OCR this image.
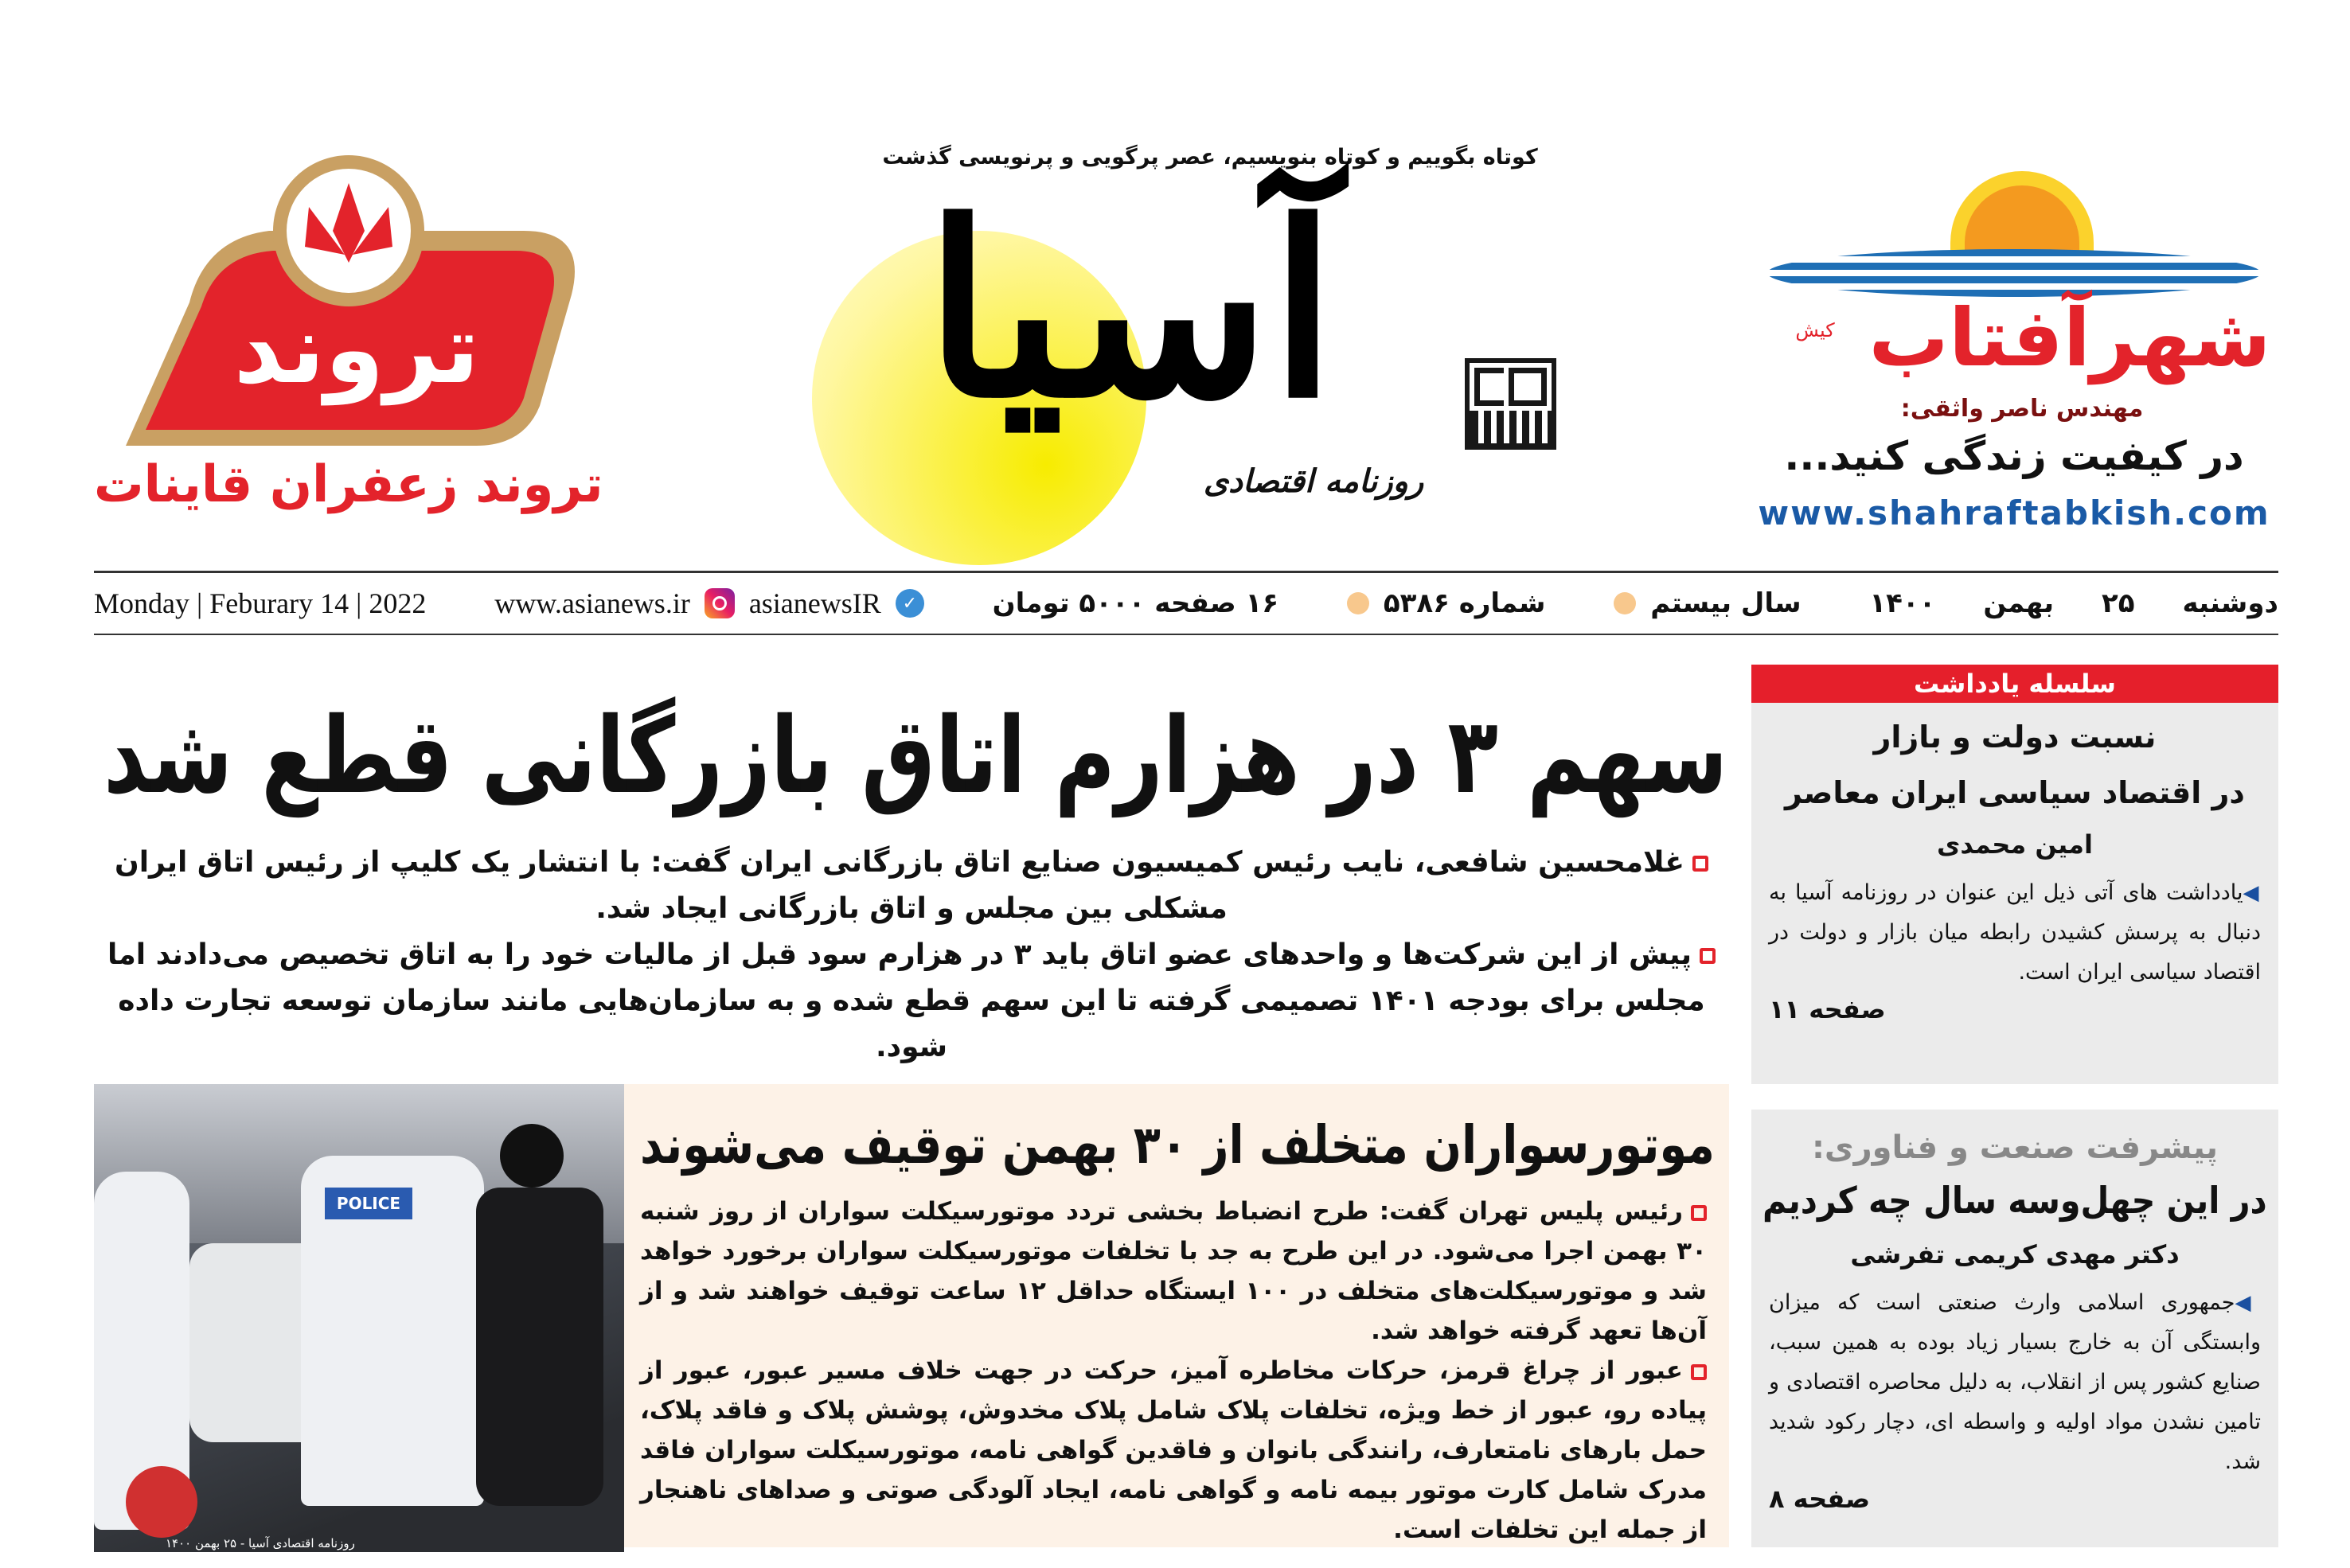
تروند
تروند زعفران قاینات
کوتاه بگوییم و کوتاه بنویسیم، عصر پرگویی و پرنویسی گذشت
آسیا
روزنامه اقتصادی
شهرآفتاب
کیش
مهندس ناصر واثقی:
در کیفیت زندگی کنید...
www.shahraftabkish.com
Monday | Feburary 14 | 2022 www.asianews.ir asianewsIR	✓	۱۶ صفحه ۵۰۰۰ تومان	شماره ۵۳۸۶	سال بیستم	۱۴۰۰ بهمن ۲۵ دوشنبه
سهم ۳ در هزارم اتاق بازرگانی قطع شد

غلامحسین شافعی، نایب رئیس کمیسیون صنایع اتاق بازرگانی ایران گفت: با انتشار یک کلیپ از رئیس اتاق ایران مشکلی بین مجلس و اتاق بازرگانی ایجاد شد.

پیش از این شرکت‌ها و واحدهای عضو اتاق باید ۳ در هزارم سود قبل از مالیات خود را به اتاق تخصیص می‌دادند اما مجلس برای بودجه ۱۴۰۱ تصمیمی گرفته تا این سهم قطع شده و به سازمان‌هایی مانند سازمان توسعه تجارت داده شود.

POLICE
روزنامه اقتصادی آسیا - ۲۵ بهمن ۱۴۰۰
موتورسواران متخلف از ۳۰ بهمن توقیف می‌شوند

رئیس پلیس تهران گفت: طرح انضباط بخشی تردد موتورسیکلت سواران از روز شنبه ۳۰ بهمن اجرا می‌شود. در این طرح به جد با تخلفات موتورسیکلت سواران برخورد خواهد شد و موتورسیکلت‌های متخلف در ۱۰۰ ایستگاه حداقل ۱۲ ساعت توقیف خواهند شد و از آن‌ها تعهد گرفته خواهد شد.

عبور از چراغ قرمز، حرکات مخاطره آمیز، حرکت در جهت خلاف مسیر عبور، عبور از پیاده رو، عبور از خط ویژه، تخلفات پلاک شامل پلاک مخدوش، پوشش پلاک و فاقد پلاک، حمل بارهای نامتعارف، رانندگی بانوان و فاقدین گواهی نامه، موتورسیکلت سواران فاقد مدرک شامل کارت موتور بیمه نامه و گواهی نامه، ایجاد آلودگی صوتی و صداهای ناهنجار از جمله این تخلفات است.

سلسله یادداشت
نسبت دولت و بازار
در اقتصاد سیاسی ایران معاصر
امین محمدی

◀یادداشت های آتی ذیل این عنوان در روزنامه آسیا به دنبال به پرسش کشیدن رابطه میان بازار و دولت در اقتصاد سیاسی ایران است.

صفحه ۱۱
پیشرفت صنعت و فناوری:
در این چهل‌وسه سال چه کردیم
دکتر مهدی کریمی تفرشی

◀جمهوری اسلامی وارث صنعتی است که میزان وابستگی آن به خارج بسیار زیاد بوده به همین سبب، صنایع کشور پس از انقلاب، به دلیل محاصره اقتصادی و تامین نشدن مواد اولیه و واسطه ای، دچار رکود شدید شد.

صفحه ۸
